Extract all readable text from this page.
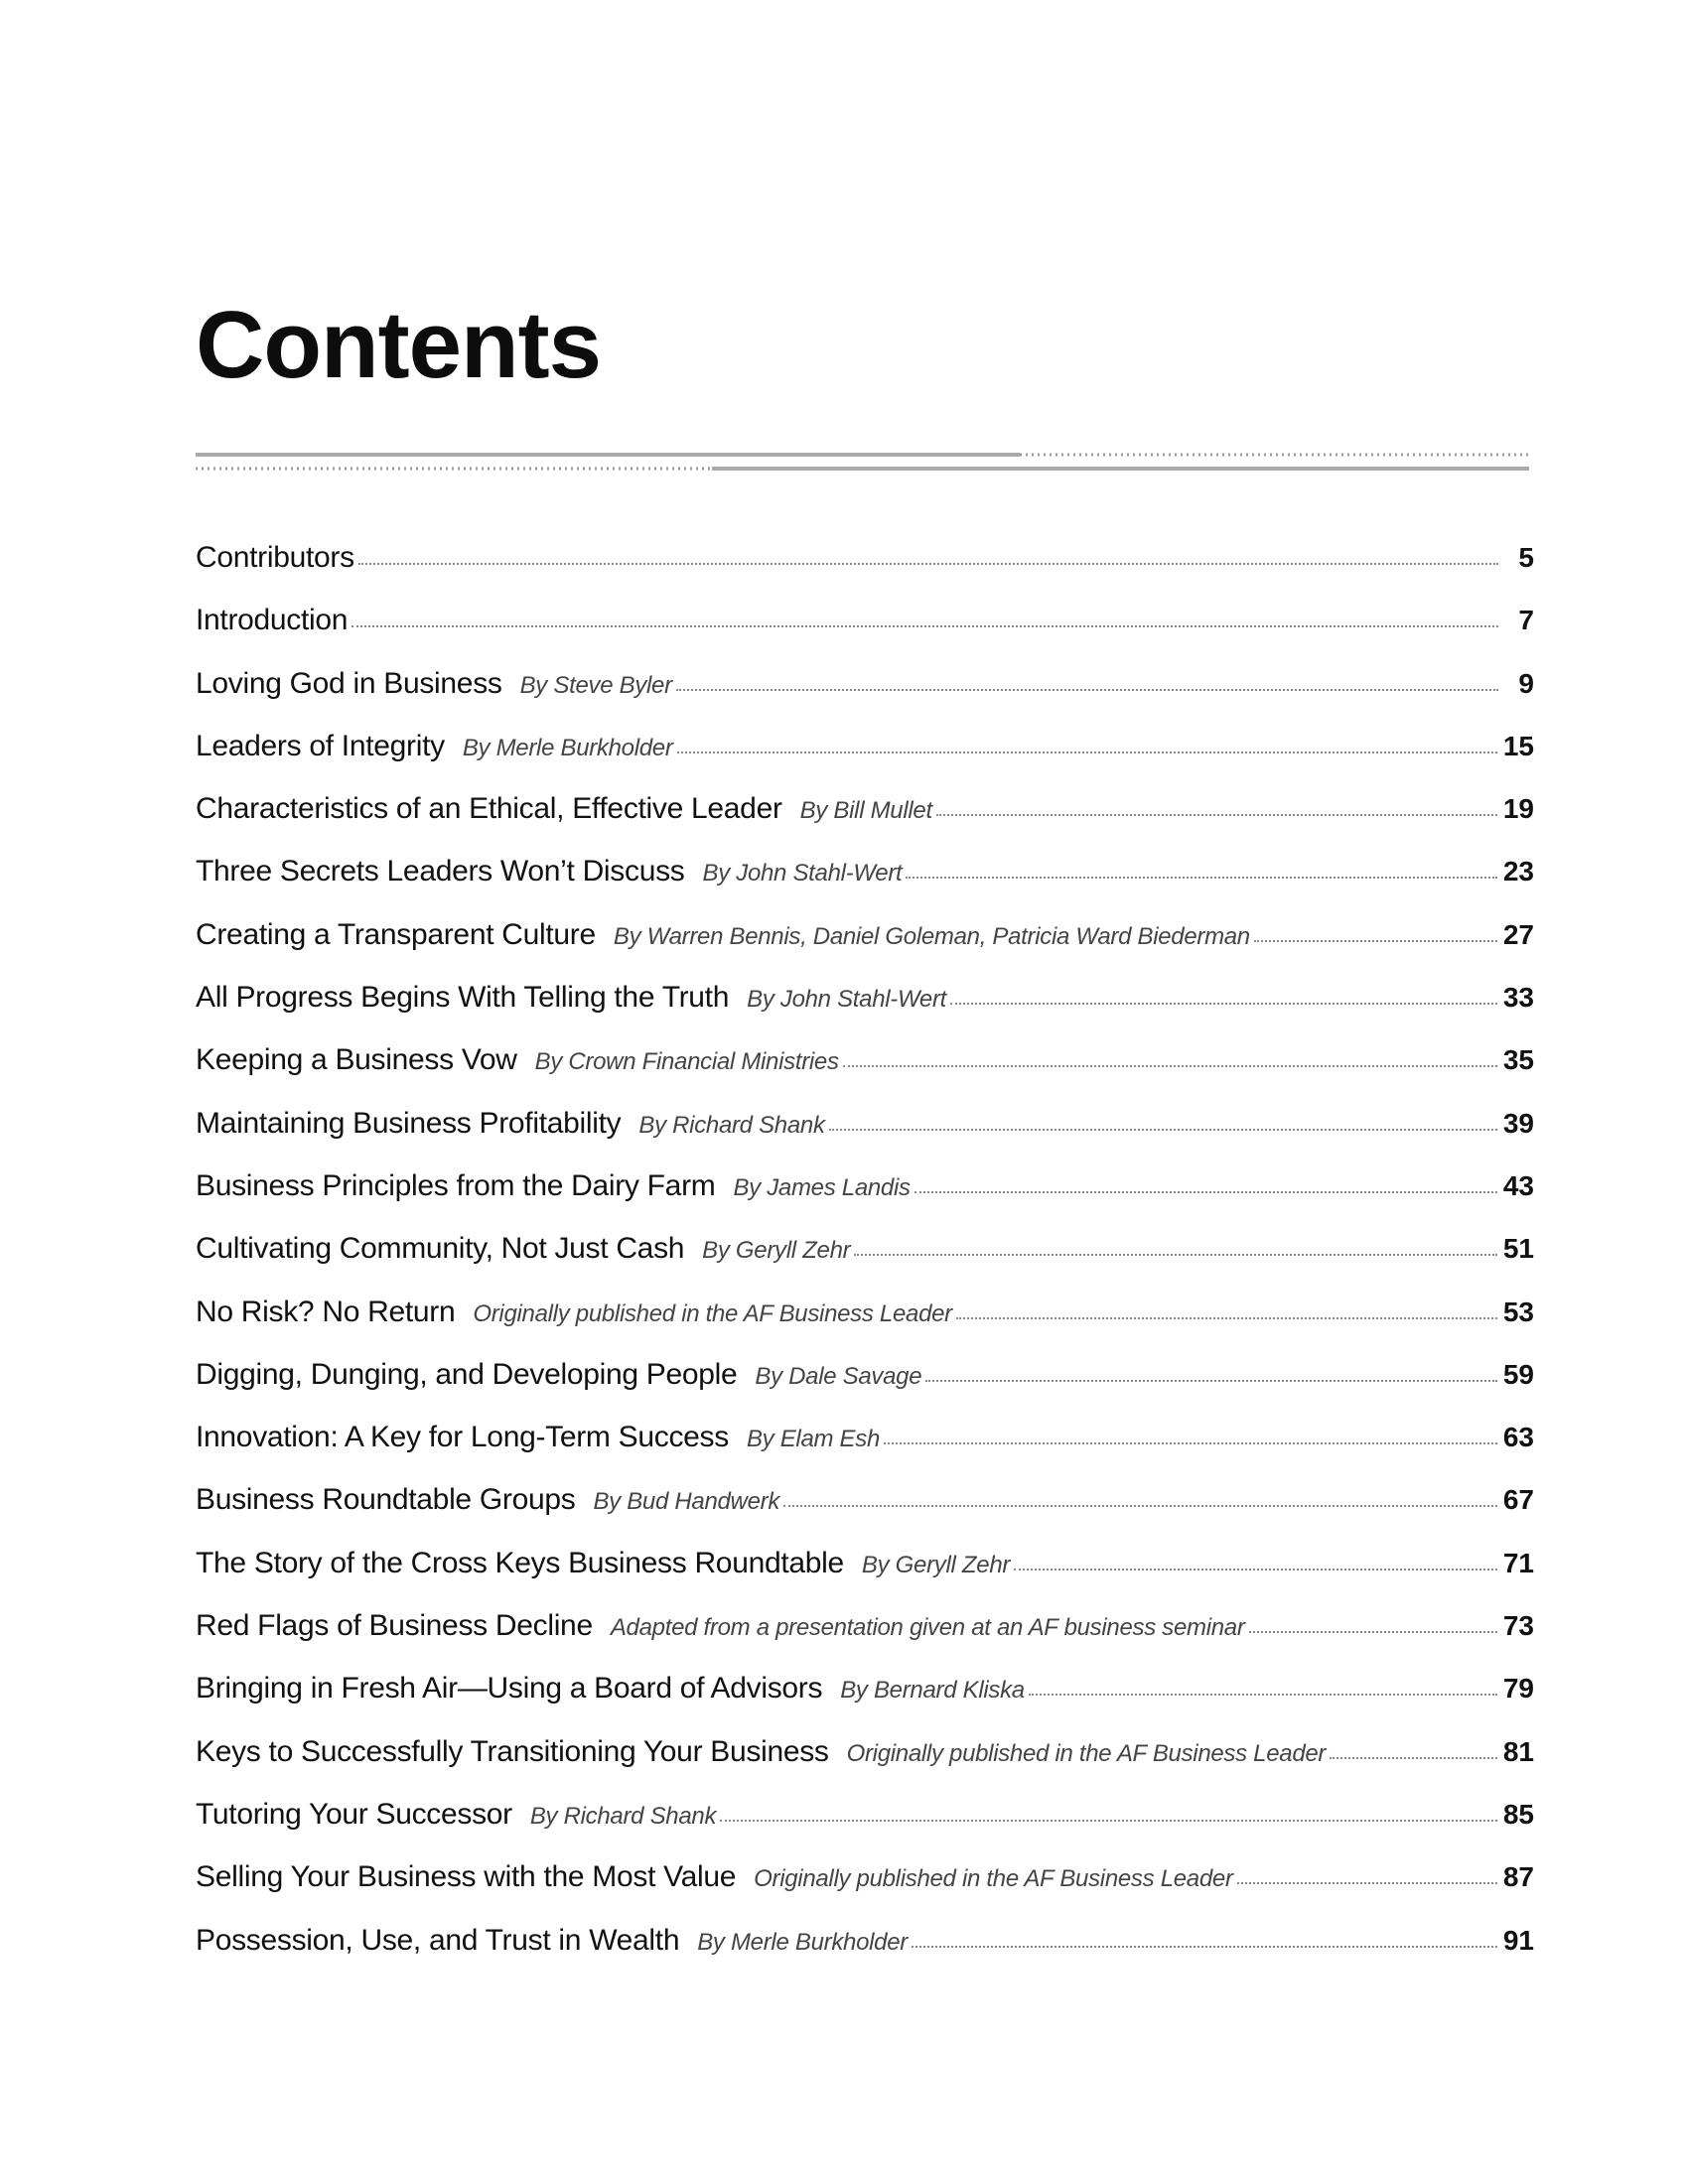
Contents
Contributors	5
Introduction	7
Loving God in Business By Steve Byler	9
Leaders of Integrity By Merle Burkholder	15
Characteristics of an Ethical, Effective Leader By Bill Mullet	19
Three Secrets Leaders Won’t Discuss By John Stahl-Wert	23
Creating a Transparent Culture By Warren Bennis, Daniel Goleman, Patricia Ward Biederman	27
All Progress Begins With Telling the Truth By John Stahl-Wert	33
Keeping a Business Vow By Crown Financial Ministries	35
Maintaining Business Profitability By Richard Shank	39
Business Principles from the Dairy Farm By James Landis	43
Cultivating Community, Not Just Cash By Geryll Zehr	51
No Risk? No Return Originally published in the AF Business Leader	53
Digging, Dunging, and Developing People By Dale Savage	59
Innovation: A Key for Long-Term Success By Elam Esh	63
Business Roundtable Groups By Bud Handwerk	67
The Story of the Cross Keys Business Roundtable By Geryll Zehr	71
Red Flags of Business Decline Adapted from a presentation given at an AF business seminar	73
Bringing in Fresh Air—Using a Board of Advisors By Bernard Kliska	79
Keys to Successfully Transitioning Your Business Originally published in the AF Business Leader	81
Tutoring Your Successor By Richard Shank	85
Selling Your Business with the Most Value Originally published in the AF Business Leader	87
Possession, Use, and Trust in Wealth By Merle Burkholder	91
